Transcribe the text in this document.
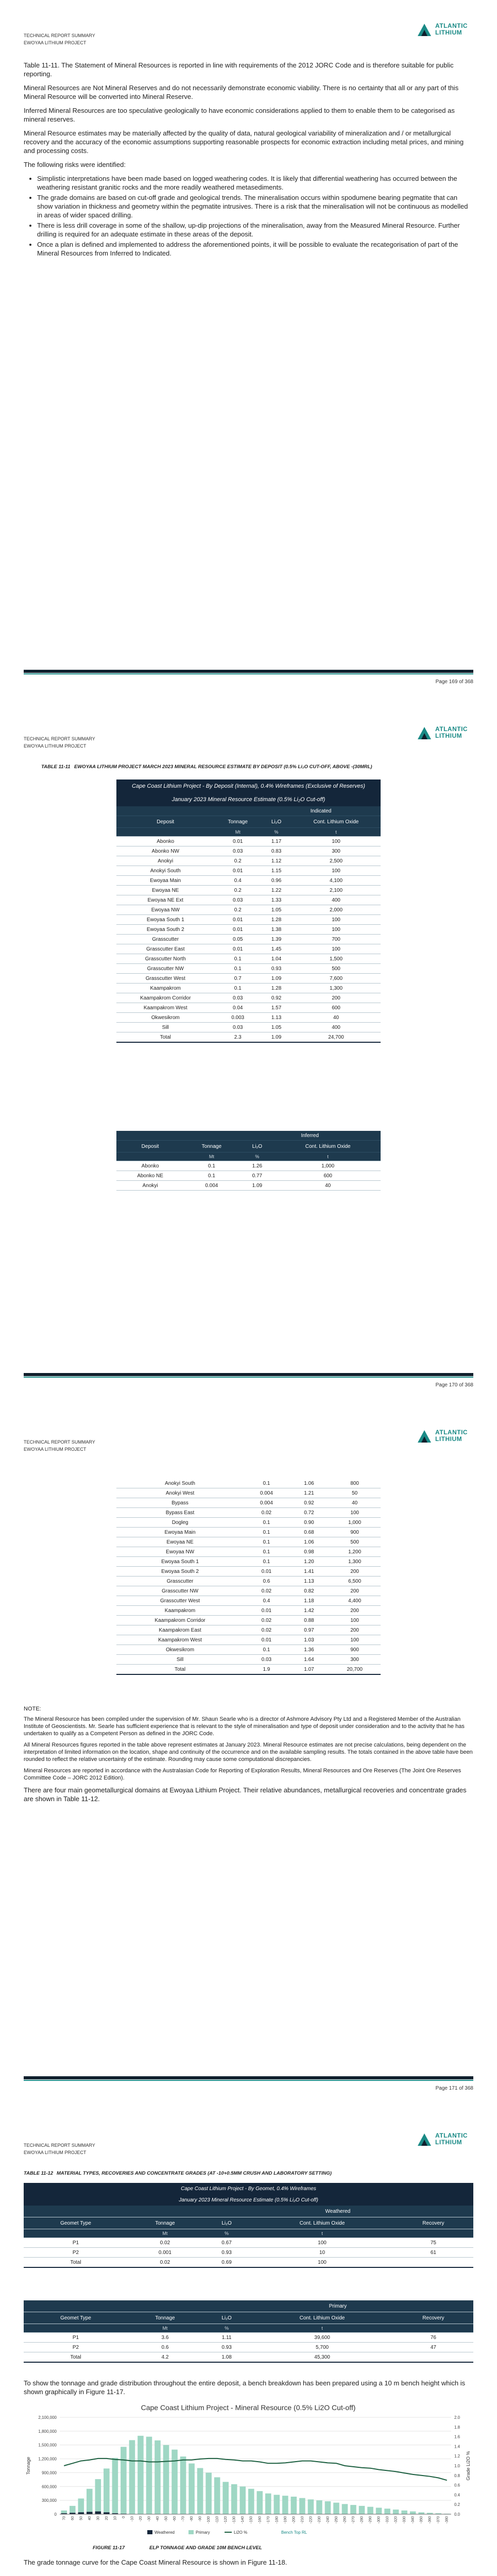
TECHNICAL REPORT SUMMARY
EWOYAA LITHIUM PROJECT
ATLANTIC
LITHIUM

Table 11-11. The Statement of Mineral Resources is reported in line with requirements of the 2012 JORC Code and is therefore suitable for public reporting.

Mineral Resources are Not Mineral Reserves and do not necessarily demonstrate economic viability. There is no certainty that all or any part of this Mineral Resource will be converted into Mineral Reserve.

Inferred Mineral Resources are too speculative geologically to have economic considerations applied to them to enable them to be categorised as mineral reserves.

Mineral Resource estimates may be materially affected by the quality of data, natural geological variability of mineralization and / or metallurgical recovery and the accuracy of the economic assumptions supporting reasonable prospects for economic extraction including metal prices, and mining and processing costs.

The following risks were identified:

• Simplistic interpretations have been made based on logged weathering codes. It is likely that differential weathering has occurred between the weathering resistant granitic rocks and the more readily weathered metasediments.
• The grade domains are based on cut-off grade and geological trends. The mineralisation occurs within spodumene bearing pegmatite that can show variation in thickness and geometry within the pegmatite intrusives. There is a risk that the mineralisation will not be continuous as modelled in areas of wider spaced drilling.
• There is less drill coverage in some of the shallow, up-dip projections of the mineralisation, away from the Measured Mineral Resource. Further drilling is required for an adequate estimate in these areas of the deposit.
• Once a plan is defined and implemented to address the aforementioned points, it will be possible to evaluate the recategorisation of part of the Mineral Resources from Inferred to Indicated.
Page 169 of 368
TECHNICAL REPORT SUMMARY
EWOYAA LITHIUM PROJECT
ATLANTIC
LITHIUM
TABLE 11-11 EWOYAA LITHIUM PROJECT MARCH 2023 MINERAL RESOURCE ESTIMATE BY DEPOSIT (0.5% Li₂O CUT-OFF, ABOVE -(30MRL)
Cape Coast Lithium Project - By Deposit (Internal), 0.4% Wireframes (Exclusive of Reserves)			
January 2023 Mineral Resource Estimate (0.5% Li₂O Cut-off)			
		Indicated	
Deposit	Tonnage	Li₂O	Cont. Lithium Oxide
	Mt	%	t
Abonko	0.01	1.17	100
Abonko NW	0.03	0.83	300
Anokyi	0.2	1.12	2,500
Anokyi South	0.01	1.15	100
Ewoyaa Main	0.4	0.96	4,100
Ewoyaa NE	0.2	1.22	2,100
Ewoyaa NE Ext	0.03	1.33	400
Ewoyaa NW	0.2	1.05	2,000
Ewoyaa South 1	0.01	1.28	100
Ewoyaa South 2	0.01	1.38	100
Grasscutter	0.05	1.39	700
Grasscutter East	0.01	1.45	100
Grasscutter North	0.1	1.04	1,500
Grasscutter NW	0.1	0.93	500
Grasscutter West	0.7	1.09	7,600
Kaampakrom	0.1	1.28	1,300
Kaampakrom Corridor	0.03	0.92	200
Kaampakrom West	0.04	1.57	600
Okwesikrom	0.003	1.13	40
Sill	0.03	1.05	400
Total	2.3	1.09	24,700
		Inferred	
Deposit	Tonnage	Li₂O	Cont. Lithium Oxide
	Mt	%	t
Abonko	0.1	1.26	1,000
Abonko NE	0.1	0.77	600
Anokyi	0.004	1.09	40
Page 170 of 368
TECHNICAL REPORT SUMMARY
EWOYAA LITHIUM PROJECT
ATLANTIC
LITHIUM
Anokyi South	0.1	1.06	800
Anokyi West	0.004	1.21	50
Bypass	0.004	0.92	40
Bypass East	0.02	0.72	100
Dogleg	0.1	0.90	1,000
Ewoyaa Main	0.1	0.68	900
Ewoyaa NE	0.1	1.06	500
Ewoyaa NW	0.1	0.98	1,200
Ewoyaa South 1	0.1	1.20	1,300
Ewoyaa South 2	0.01	1.41	200
Grasscutter	0.6	1.13	6,500
Grasscutter NW	0.02	0.82	200
Grasscutter West	0.4	1.18	4,400
Kaampakrom	0.01	1.42	200
Kaampakrom Corridor	0.02	0.88	100
Kaampakrom East	0.02	0.97	200
Kaampakrom West	0.01	1.03	100
Okwesikrom	0.1	1.36	900
Sill	0.03	1.64	300
Total	1.9	1.07	20,700

NOTE:

The Mineral Resource has been compiled under the supervision of Mr. Shaun Searle who is a director of Ashmore Advisory Pty Ltd and a Registered Member of the Australian Institute of Geoscientists. Mr. Searle has sufficient experience that is relevant to the style of mineralisation and type of deposit under consideration and to the activity that he has undertaken to qualify as a Competent Person as defined in the JORC Code.

All Mineral Resources figures reported in the table above represent estimates at January 2023. Mineral Resource estimates are not precise calculations, being dependent on the interpretation of limited information on the location, shape and continuity of the occurrence and on the available sampling results. The totals contained in the above table have been rounded to reflect the relative uncertainty of the estimate. Rounding may cause some computational discrepancies.

Mineral Resources are reported in accordance with the Australasian Code for Reporting of Exploration Results, Mineral Resources and Ore Reserves (The Joint Ore Reserves Committee Code – JORC 2012 Edition).

There are four main geometallurgical domains at Ewoyaa Lithium Project. Their relative abundances, metallurgical recoveries and concentrate grades are shown in Table 11-12.

Page 171 of 368
TECHNICAL REPORT SUMMARY
EWOYAA LITHIUM PROJECT
ATLANTIC
LITHIUM
TABLE 11-12 MATERIAL TYPES, RECOVERIES AND CONCENTRATE GRADES (AT -10+0.5MM CRUSH AND LABORATORY SETTING)
Cape Coast Lithium Project - By Geomet, 0.4% Wireframes				
January 2023 Mineral Resource Estimate (0.5% Li₂O Cut-off)				
		Weathered		
Geomet Type	Tonnage	Li₂O	Cont. Lithium Oxide	Recovery
	Mt	%	t	
P1	0.02	0.67	100	75
P2	0.001	0.93	10	61
Total	0.02	0.69	100	
		Primary		
Geomet Type	Tonnage	Li₂O	Cont. Lithium Oxide	Recovery
	Mt	%	t	
P1	3.6	1.11	39,600	76
P2	0.6	0.93	5,700	47
Total	4.2	1.08	45,300	
To show the tonnage and grade distribution throughout the entire deposit, a bench breakdown has been prepared using a 10 m bench height which is shown graphically in Figure 11-17.
Cape Coast Lithium Project - Mineral Resource (0.5% Li2O Cut-off)
0
300,000
600,000
900,000
1,200,000
1,500,000
1,800,000
2,100,000
0.0
0.2
0.4
0.6
0.8
1.0
1.2
1.4
1.6
1.8
2.0
70 60 50 40 30 20 10 0 -10 -20 -30 -40 -50 -60 -70 -80 -90 -100 -110 -120 -130 -140 -150 -160 -170 -180 -190 -200 -210 -220 -230 -240 -250 -260 -270 -280 -290 -300 -310 -320 -330 -340 -350 -360 -370 -380
Tonnage	Grade Li2O %
Weathered	Primary	Li2O %	Bench Top RL
FIGURE 11-17	ELP TONNAGE AND GRADE 10M BENCH LEVEL
The grade tonnage curve for the Cape Coast Mineral Resource is shown in Figure 11-18.
